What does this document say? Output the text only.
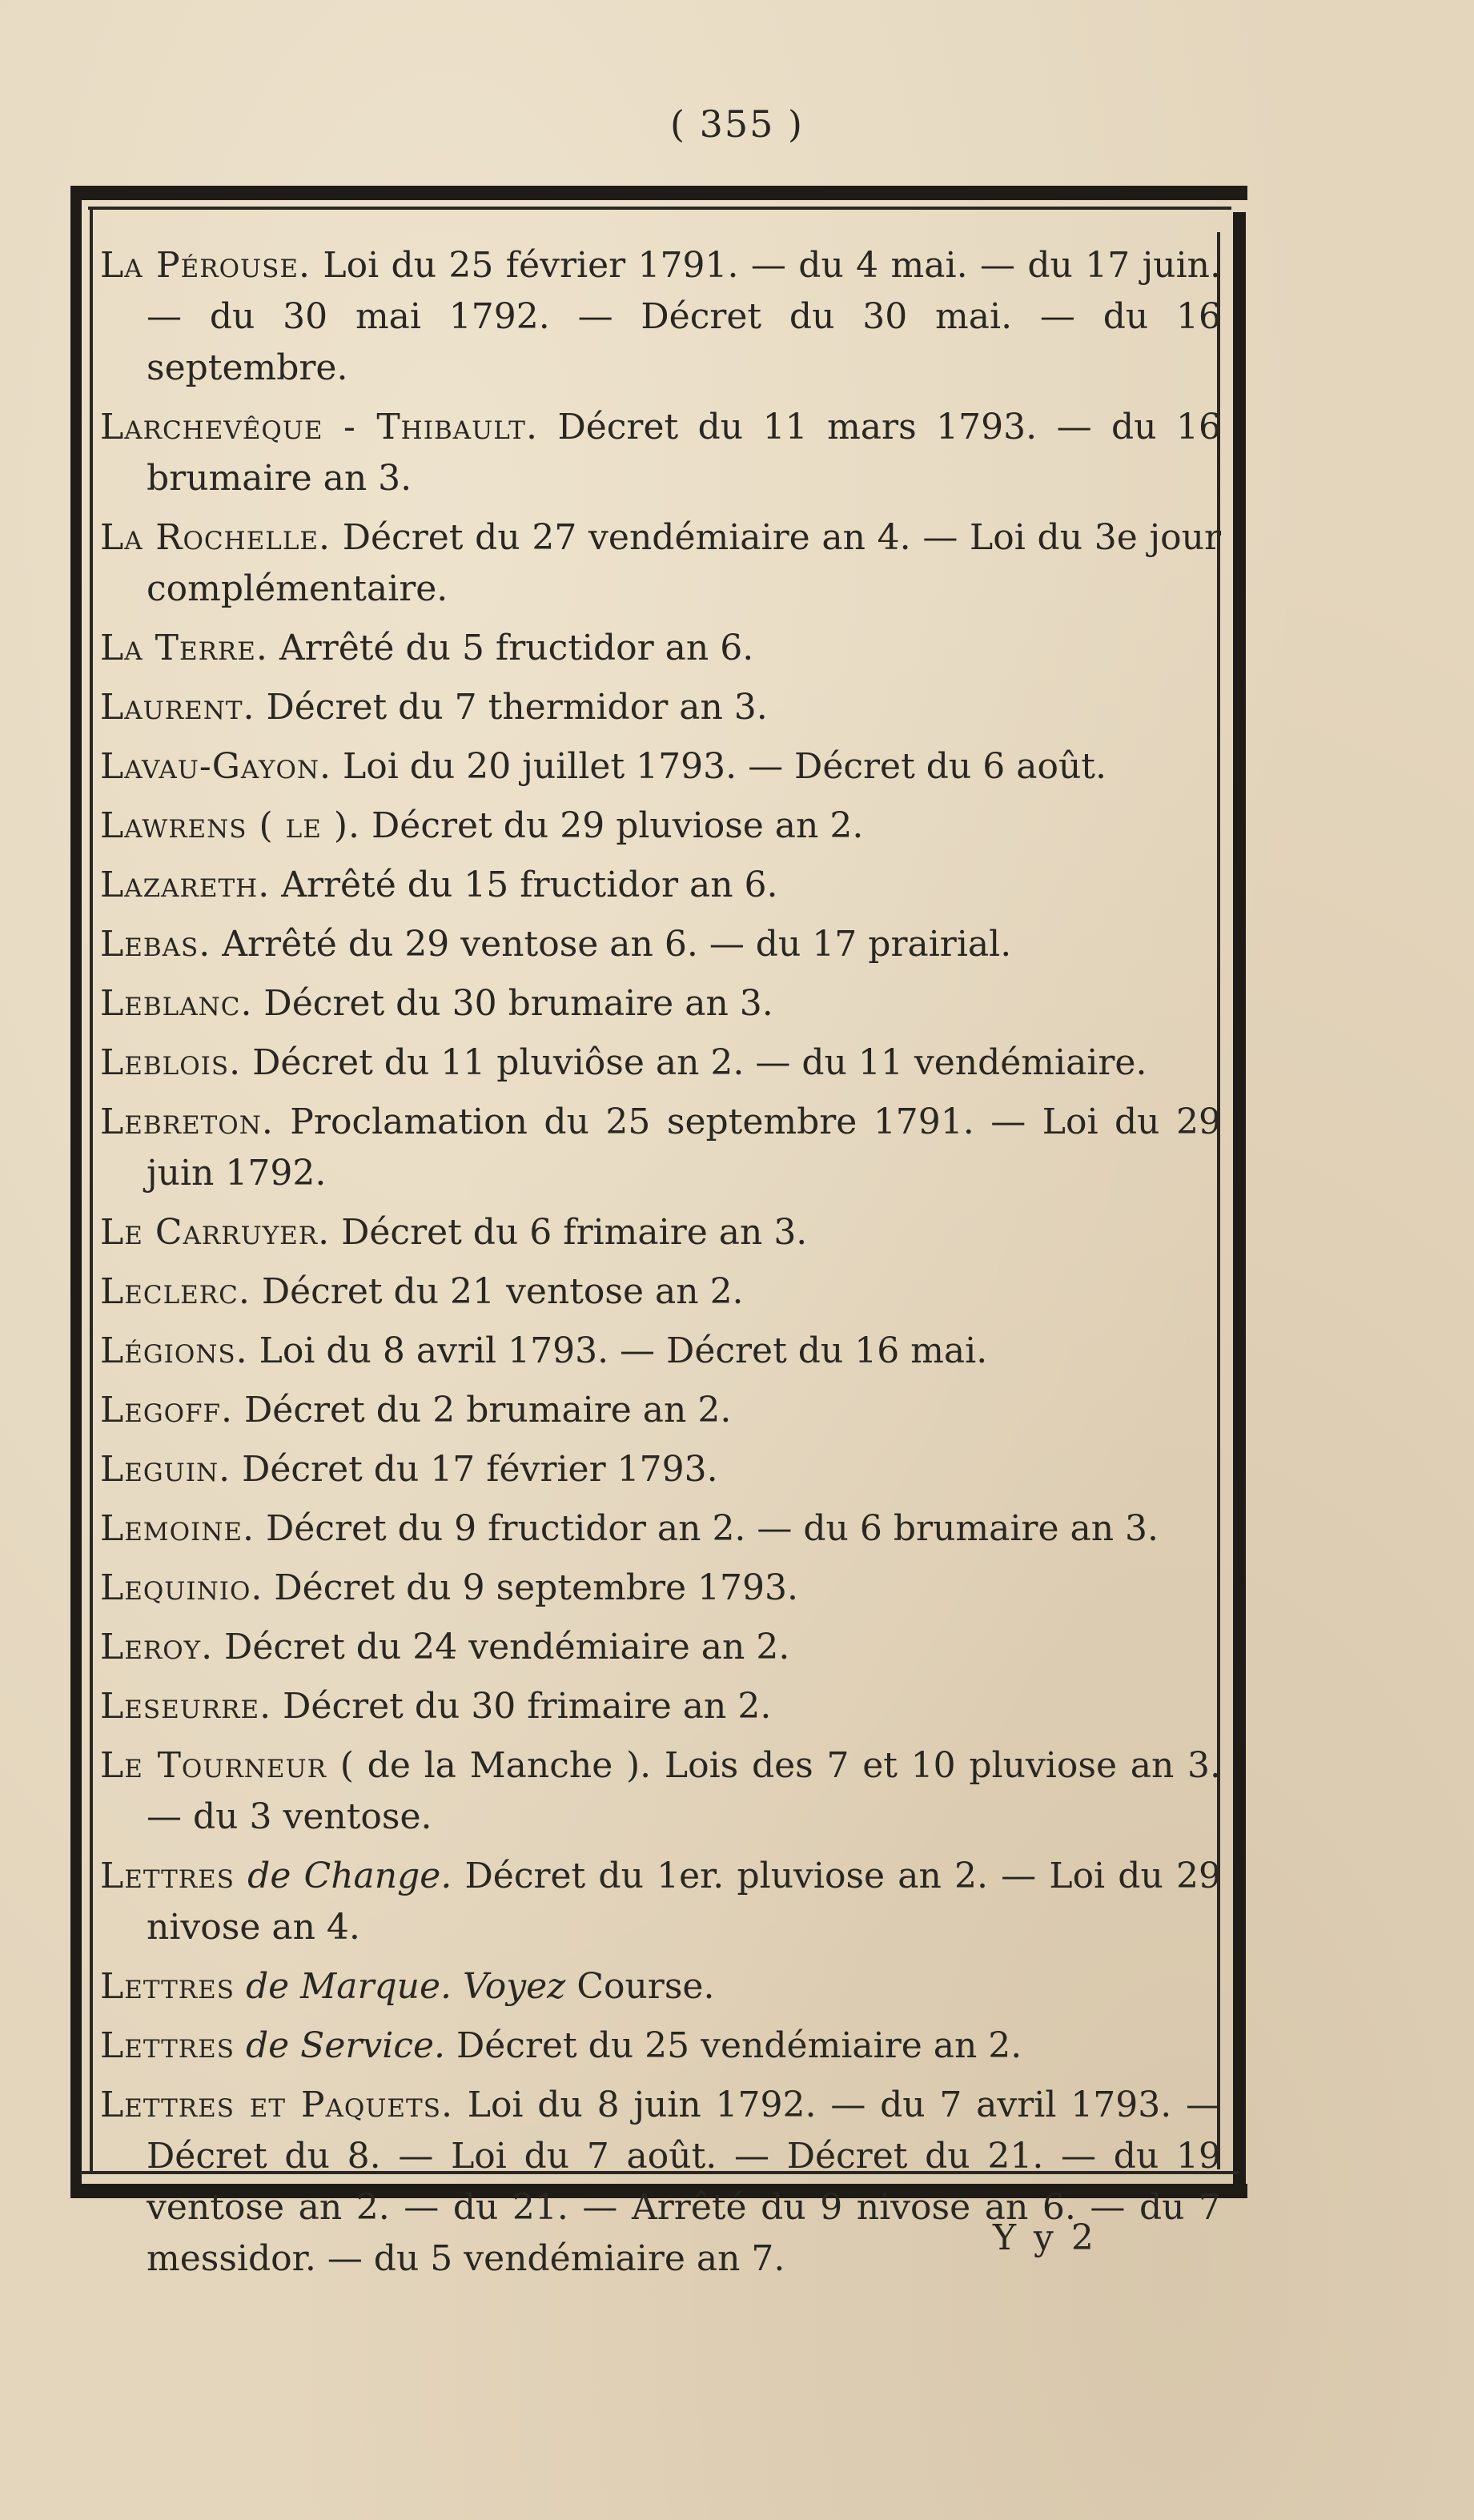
( 355 )
La Pérouse. Loi du 25 février 1791. — du 4 mai. — du 17 juin. — du 30 mai 1792. — Décret du 30 mai. — du 16 septembre.
Larchevêque - Thibault. Décret du 11 mars 1793. — du 16 brumaire an 3.
La Rochelle. Décret du 27 vendémiaire an 4. — Loi du 3e jour complémentaire.
La Terre. Arrêté du 5 fructidor an 6.
Laurent. Décret du 7 thermidor an 3.
Lavau-Gayon. Loi du 20 juillet 1793. — Décret du 6 août.
Lawrens ( le ). Décret du 29 pluviose an 2.
Lazareth. Arrêté du 15 fructidor an 6.
Lebas. Arrêté du 29 ventose an 6. — du 17 prairial.
Leblanc. Décret du 30 brumaire an 3.
Leblois. Décret du 11 pluviôse an 2. — du 11 vendémiaire.
Lebreton. Proclamation du 25 septembre 1791. — Loi du 29 juin 1792.
Le Carruyer. Décret du 6 frimaire an 3.
Leclerc. Décret du 21 ventose an 2.
Légions. Loi du 8 avril 1793. — Décret du 16 mai.
Legoff. Décret du 2 brumaire an 2.
Leguin. Décret du 17 février 1793.
Lemoine. Décret du 9 fructidor an 2. — du 6 brumaire an 3.
Lequinio. Décret du 9 septembre 1793.
Leroy. Décret du 24 vendémiaire an 2.
Leseurre. Décret du 30 frimaire an 2.
Le Tourneur ( de la Manche ). Lois des 7 et 10 pluviose an 3. — du 3 ventose.
Lettres de Change. Décret du 1er. pluviose an 2. — Loi du 29 nivose an 4.
Lettres de Marque. Voyez Course.
Lettres de Service. Décret du 25 vendémiaire an 2.
Lettres et Paquets. Loi du 8 juin 1792. — du 7 avril 1793. — Décret du 8. — Loi du 7 août. — Décret du 21. — du 19 ventose an 2. — du 21. — Arrêté du 9 nivose an 6. — du 7 messidor. — du 5 vendémiaire an 7.
Y y 2
